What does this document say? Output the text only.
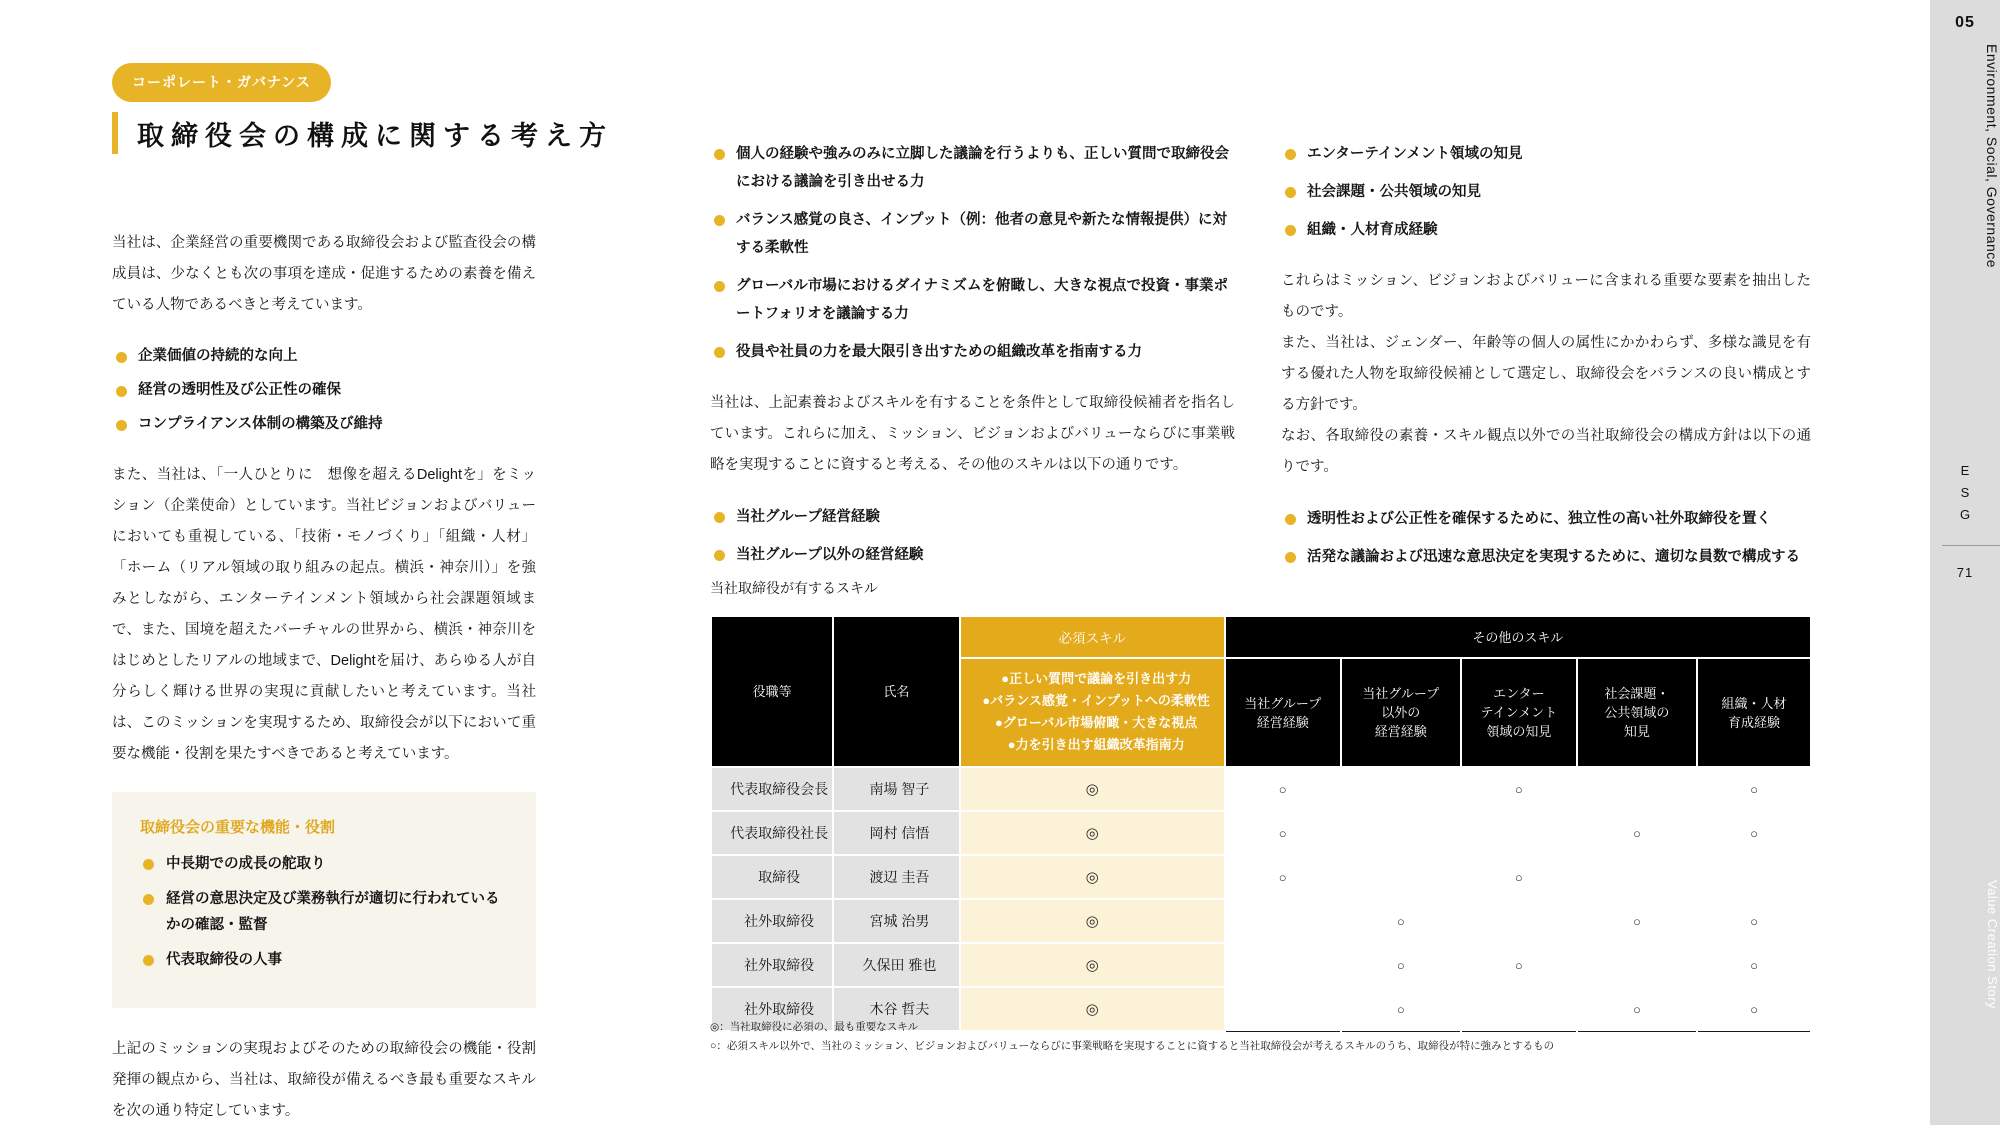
コーポレート・ガバナンス
取締役会の構成に関する考え方

当社は、企業経営の重要機関である取締役会および監査役会の構成員は、少なくとも次の事項を達成・促進するための素養を備えている人物であるべきと考えています。

企業価値の持続的な向上
経営の透明性及び公正性の確保
コンプライアンス体制の構築及び維持

また、当社は、「一人ひとりに　想像を超えるDelightを」をミッション（企業使命）としています。当社ビジョンおよびバリューにおいても重視している、「技術・モノづくり」「組織・人材」「ホーム（リアル領域の取り組みの起点。横浜・神奈川）」を強みとしながら、エンターテインメント領域から社会課題領域まで、また、国境を超えたバーチャルの世界から、横浜・神奈川をはじめとしたリアルの地域まで、Delightを届け、あらゆる人が自分らしく輝ける世界の実現に貢献したいと考えています。当社は、このミッションを実現するため、取締役会が以下において重要な機能・役割を果たすべきであると考えています。

取締役会の重要な機能・役割
中長期での成長の舵取り
経営の意思決定及び業務執行が適切に行われているかの確認・監督
代表取締役の人事

上記のミッションの実現およびそのための取締役会の機能・役割発揮の観点から、当社は、取締役が備えるべき最も重要なスキルを次の通り特定しています。

個人の経験や強みのみに立脚した議論を行うよりも、正しい質問で取締役会における議論を引き出せる力
バランス感覚の良さ、インプット（例：他者の意見や新たな情報提供）に対する柔軟性
グローバル市場におけるダイナミズムを俯瞰し、大きな視点で投資・事業ポートフォリオを議論する力
役員や社員の力を最大限引き出すための組織改革を指南する力

当社は、上記素養およびスキルを有することを条件として取締役候補者を指名しています。これらに加え、ミッション、ビジョンおよびバリューならびに事業戦略を実現することに資すると考える、その他のスキルは以下の通りです。

当社グループ経営経験
当社グループ以外の経営経験
エンターテインメント領域の知見
社会課題・公共領域の知見
組織・人材育成経験

これらはミッション、ビジョンおよびバリューに含まれる重要な要素を抽出したものです。

また、当社は、ジェンダー、年齢等の個人の属性にかかわらず、多様な識見を有する優れた人物を取締役候補として選定し、取締役会をバランスの良い構成とする方針です。

なお、各取締役の素養・スキル観点以外での当社取締役会の構成方針は以下の通りです。

透明性および公正性を確保するために、独立性の高い社外取締役を置く
活発な議論および迅速な意思決定を実現するために、適切な員数で構成する
当社取締役が有するスキル
役職等	氏名	必須スキル	その他のスキル				

●正しい質問で議論を引き出す力
●バランス感覚・インプットへの柔軟性
●グローバル市場俯瞰・大きな視点
●力を引き出す組織改革指南力

当社グループ
経営経験

当社グループ
以外の
経営経験

エンター
テインメント
領域の知見

社会課題・
公共領域の
知見

組織・人材
育成経験

代表取締役会長	南場 智子	◎	○		○		○
代表取締役社長	岡村 信悟	◎	○			○	○
取締役	渡辺 圭吾	◎	○		○		
社外取締役	宮城 治男	◎		○		○	○
社外取締役	久保田 雅也	◎		○	○		○
社外取締役	木谷 哲夫	◎		○		○	○
◎：当社取締役に必須の、最も重要なスキル
○：必須スキル以外で、当社のミッション、ビジョンおよびバリューならびに事業戦略を実現することに資すると当社取締役会が考えるスキルのうち、取締役が特に強みとするもの
05
Environment, Social, Governance
E
S
G
71
Value Creation Story
